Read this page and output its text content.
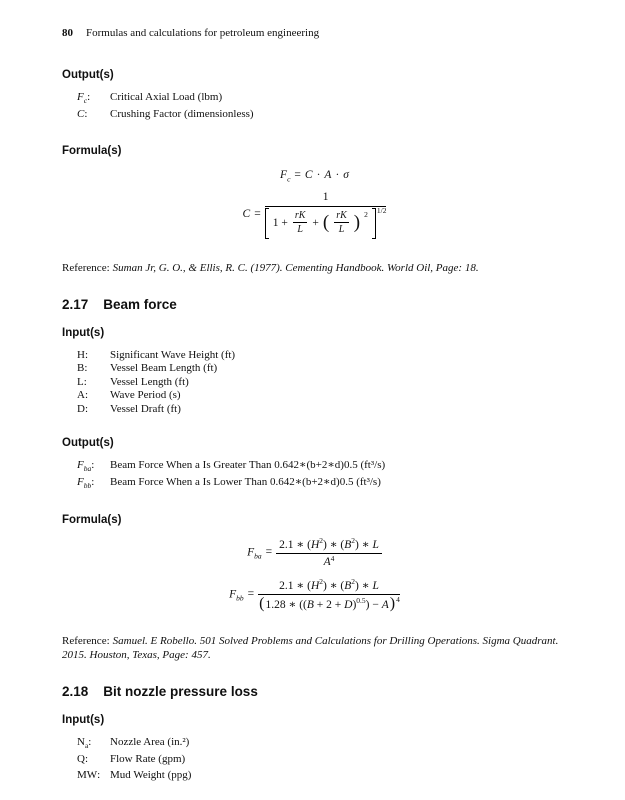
80 Formulas and calculations for petroleum engineering
Output(s)
$F_c$:	Critical Axial Load (lbm)
C:	Crushing Factor (dimensionless)
Formula(s)
$F_c = C \cdot A \cdot \sigma$
$C = \frac{1}{1 + \frac{rK}{L} + ( \frac{rK}{L} ) ^2 ^{1/2}}$

Reference: Suman Jr, G. O., & Ellis, R. C. (1977). Cementing Handbook. World Oil, Page: 18.

2.17 Beam force
Input(s)
H:	Significant Wave Height (ft)
B:	Vessel Beam Length (ft)
L:	Vessel Length (ft)
A:	Wave Period (s)
D:	Vessel Draft (ft)
Output(s)
$F_{ba}$:	Beam Force When a Is Greater Than 0.642∗(b+2∗d)0.5 (ft³/s)
$F_{bb}$:	Beam Force When a Is Lower Than 0.642∗(b+2∗d)0.5 (ft³/s)
Formula(s)
$F_{ba} = \frac{2.1 ∗ (H^2) ∗ (B^2) ∗ L}{A^4}$
$F_{bb} = \frac{2.1 ∗ (H^2) ∗ (B^2) ∗ L}{( 1.28 ∗ ((B + 2 + D)^{0.5}) - A )^4}$

Reference: Samuel. E Robello. 501 Solved Problems and Calculations for Drilling Operations. Sigma Quadrant. 2015. Houston, Texas, Page: 457.

2.18 Bit nozzle pressure loss
Input(s)
$N_a$:	Nozzle Area (in.²)
Q:	Flow Rate (gpm)
MW: Mud Weight (ppg)
